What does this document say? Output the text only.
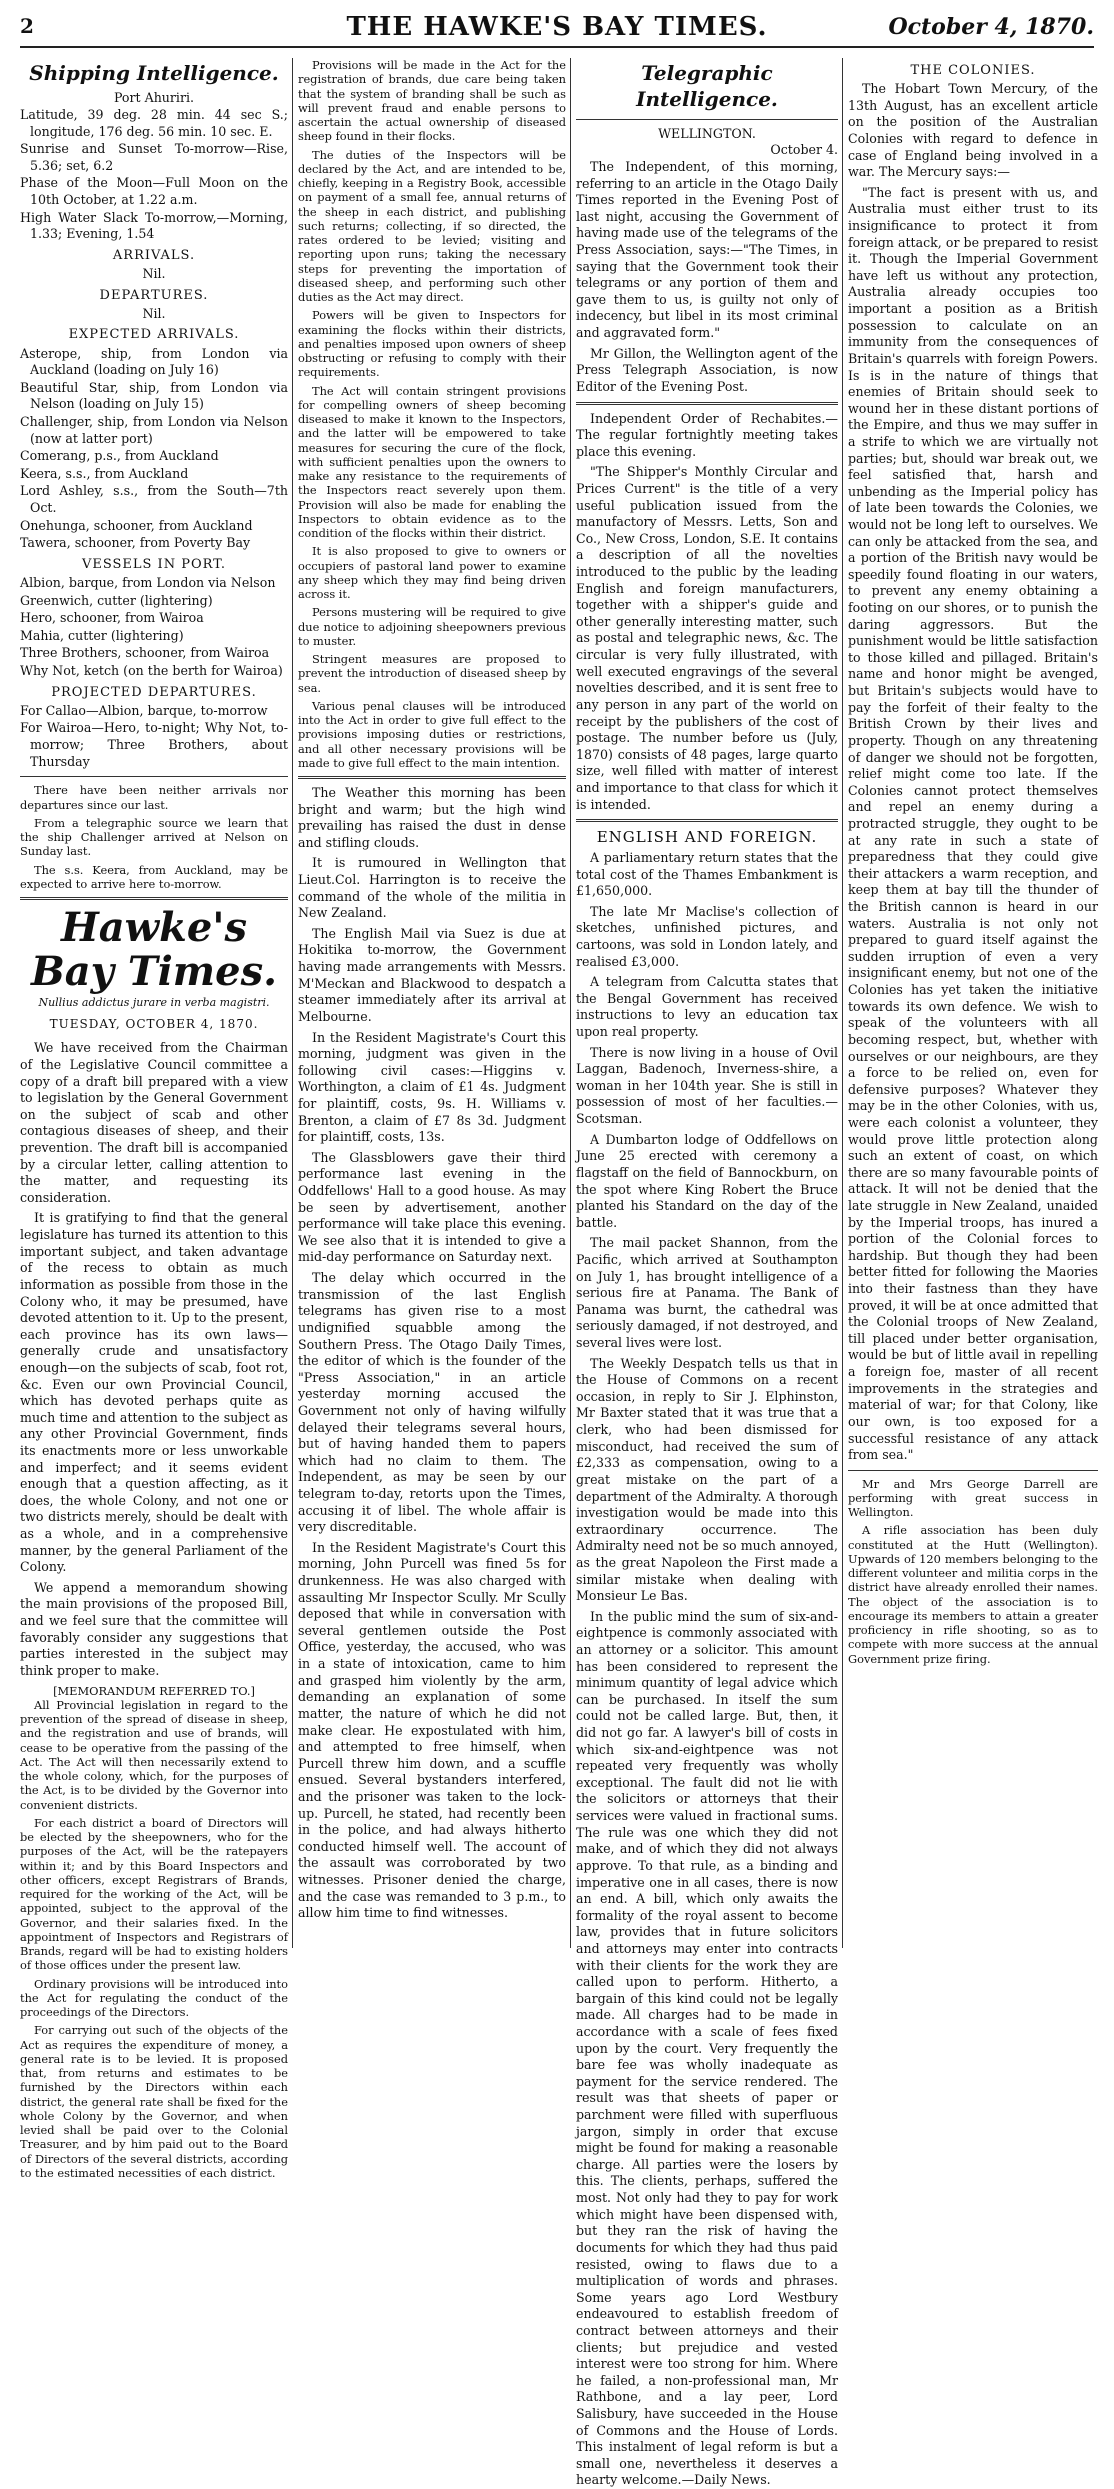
2	THE HAWKE'S BAY TIMES.	October 4, 1870.
Shipping Intelligence.
Port Ahuriri.
Latitude, 39 deg. 28 min. 44 sec S.; longitude, 176 deg. 56 min. 10 sec. E.
Sunrise and Sunset To-morrow—Rise, 5.36; set, 6.2
Phase of the Moon—Full Moon on the 10th October, at 1.22 a.m.
High Water Slack To-morrow,—Morning, 1.33; Evening, 1.54
ARRIVALS.
Nil.
DEPARTURES.
Nil.
EXPECTED ARRIVALS.
Asterope, ship, from London via Auckland (loading on July 16)
Beautiful Star, ship, from London via Nelson (loading on July 15)
Challenger, ship, from London via Nelson (now at latter port)
Comerang, p.s., from Auckland
Keera, s.s., from Auckland
Lord Ashley, s.s., from the South—7th Oct.
Onehunga, schooner, from Auckland
Tawera, schooner, from Poverty Bay
VESSELS IN PORT.
Albion, barque, from London via Nelson
Greenwich, cutter (lightering)
Hero, schooner, from Wairoa
Mahia, cutter (lightering)
Three Brothers, schooner, from Wairoa
Why Not, ketch (on the berth for Wairoa)
PROJECTED DEPARTURES.
For Callao—Albion, barque, to-morrow
For Wairoa—Hero, to-night; Why Not, to-morrow; Three Brothers, about Thursday

There have been neither arrivals nor departures since our last.

From a telegraphic source we learn that the ship Challenger arrived at Nelson on Sunday last.

The s.s. Keera, from Auckland, may be expected to arrive here to-morrow.

Hawke's Bay Times.
Nullius addictus jurare in verba magistri.
TUESDAY, OCTOBER 4, 1870.

We have received from the Chairman of the Legislative Council committee a copy of a draft bill prepared with a view to legislation by the General Government on the subject of scab and other contagious diseases of sheep, and their prevention. The draft bill is accompanied by a circular letter, calling attention to the matter, and requesting its consideration.

It is gratifying to find that the general legislature has turned its attention to this important subject, and taken advantage of the recess to obtain as much information as possible from those in the Colony who, it may be presumed, have devoted attention to it. Up to the present, each province has its own laws—generally crude and unsatisfactory enough—on the subjects of scab, foot rot, &c. Even our own Provincial Council, which has devoted perhaps quite as much time and attention to the subject as any other Provincial Government, finds its enactments more or less unworkable and imperfect; and it seems evident enough that a question affecting, as it does, the whole Colony, and not one or two districts merely, should be dealt with as a whole, and in a comprehensive manner, by the general Parliament of the Colony.

We append a memorandum showing the main provisions of the proposed Bill, and we feel sure that the committee will favorably consider any suggestions that parties interested in the subject may think proper to make.

[MEMORANDUM REFERRED TO.]

All Provincial legislation in regard to the prevention of the spread of disease in sheep, and the registration and use of brands, will cease to be operative from the passing of the Act. The Act will then necessarily extend to the whole colony, which, for the purposes of the Act, is to be divided by the Governor into convenient districts.

For each district a board of Directors will be elected by the sheepowners, who for the purposes of the Act, will be the ratepayers within it; and by this Board Inspectors and other officers, except Registrars of Brands, required for the working of the Act, will be appointed, subject to the approval of the Governor, and their salaries fixed. In the appointment of Inspectors and Registrars of Brands, regard will be had to existing holders of those offices under the present law.

Ordinary provisions will be introduced into the Act for regulating the conduct of the proceedings of the Directors.

For carrying out such of the objects of the Act as requires the expenditure of money, a general rate is to be levied. It is proposed that, from returns and estimates to be furnished by the Directors within each district, the general rate shall be fixed for the whole Colony by the Governor, and when levied shall be paid over to the Colonial Treasurer, and by him paid out to the Board of Directors of the several districts, according to the estimated necessities of each district.

Provisions will be made in the Act for the registration of brands, due care being taken that the system of branding shall be such as will prevent fraud and enable persons to ascertain the actual ownership of diseased sheep found in their flocks.

The duties of the Inspectors will be declared by the Act, and are intended to be, chiefly, keeping in a Registry Book, accessible on payment of a small fee, annual returns of the sheep in each district, and publishing such returns; collecting, if so directed, the rates ordered to be levied; visiting and reporting upon runs; taking the necessary steps for preventing the importation of diseased sheep, and performing such other duties as the Act may direct.

Powers will be given to Inspectors for examining the flocks within their districts, and penalties imposed upon owners of sheep obstructing or refusing to comply with their requirements.

The Act will contain stringent provisions for compelling owners of sheep becoming diseased to make it known to the Inspectors, and the latter will be empowered to take measures for securing the cure of the flock, with sufficient penalties upon the owners to make any resistance to the requirements of the Inspectors react severely upon them. Provision will also be made for enabling the Inspectors to obtain evidence as to the condition of the flocks within their district.

It is also proposed to give to owners or occupiers of pastoral land power to examine any sheep which they may find being driven across it.

Persons mustering will be required to give due notice to adjoining sheepowners previous to muster.

Stringent measures are proposed to prevent the introduction of diseased sheep by sea.

Various penal clauses will be introduced into the Act in order to give full effect to the provisions imposing duties or restrictions, and all other necessary provisions will be made to give full effect to the main intention.

The Weather this morning has been bright and warm; but the high wind prevailing has raised the dust in dense and stifling clouds.

It is rumoured in Wellington that Lieut.Col. Harrington is to receive the command of the whole of the militia in New Zealand.

The English Mail via Suez is due at Hokitika to-morrow, the Government having made arrangements with Messrs. M'Meckan and Blackwood to despatch a steamer immediately after its arrival at Melbourne.

In the Resident Magistrate's Court this morning, judgment was given in the following civil cases:—Higgins v. Worthington, a claim of £1 4s. Judgment for plaintiff, costs, 9s. H. Williams v. Brenton, a claim of £7 8s 3d. Judgment for plaintiff, costs, 13s.

The Glassblowers gave their third performance last evening in the Oddfellows' Hall to a good house. As may be seen by advertisement, another performance will take place this evening. We see also that it is intended to give a mid-day performance on Saturday next.

The delay which occurred in the transmission of the last English telegrams has given rise to a most undignified squabble among the Southern Press. The Otago Daily Times, the editor of which is the founder of the "Press Association," in an article yesterday morning accused the Government not only of having wilfully delayed their telegrams several hours, but of having handed them to papers which had no claim to them. The Independent, as may be seen by our telegram to-day, retorts upon the Times, accusing it of libel. The whole affair is very discreditable.

In the Resident Magistrate's Court this morning, John Purcell was fined 5s for drunkenness. He was also charged with assaulting Mr Inspector Scully. Mr Scully deposed that while in conversation with several gentlemen outside the Post Office, yesterday, the accused, who was in a state of intoxication, came to him and grasped him violently by the arm, demanding an explanation of some matter, the nature of which he did not make clear. He expostulated with him, and attempted to free himself, when Purcell threw him down, and a scuffle ensued. Several bystanders interfered, and the prisoner was taken to the lock-up. Purcell, he stated, had recently been in the police, and had always hitherto conducted himself well. The account of the assault was corroborated by two witnesses. Prisoner denied the charge, and the case was remanded to 3 p.m., to allow him time to find witnesses.

Telegraphic Intelligence.
WELLINGTON.
October 4.

The Independent, of this morning, referring to an article in the Otago Daily Times reported in the Evening Post of last night, accusing the Government of having made use of the telegrams of the Press Association, says:—"The Times, in saying that the Government took their telegrams or any portion of them and gave them to us, is guilty not only of indecency, but libel in its most criminal and aggravated form."

Mr Gillon, the Wellington agent of the Press Telegraph Association, is now Editor of the Evening Post.

Independent Order of Rechabites.—The regular fortnightly meeting takes place this evening.

"The Shipper's Monthly Circular and Prices Current" is the title of a very useful publication issued from the manufactory of Messrs. Letts, Son and Co., New Cross, London, S.E. It contains a description of all the novelties introduced to the public by the leading English and foreign manufacturers, together with a shipper's guide and other generally interesting matter, such as postal and telegraphic news, &c. The circular is very fully illustrated, with well executed engravings of the several novelties described, and it is sent free to any person in any part of the world on receipt by the publishers of the cost of postage. The number before us (July, 1870) consists of 48 pages, large quarto size, well filled with matter of interest and importance to that class for which it is intended.

ENGLISH AND FOREIGN.

A parliamentary return states that the total cost of the Thames Embankment is £1,650,000.

The late Mr Maclise's collection of sketches, unfinished pictures, and cartoons, was sold in London lately, and realised £3,000.

A telegram from Calcutta states that the Bengal Government has received instructions to levy an education tax upon real property.

There is now living in a house of Ovil Laggan, Badenoch, Inverness-shire, a woman in her 104th year. She is still in possession of most of her faculties.—Scotsman.

A Dumbarton lodge of Oddfellows on June 25 erected with ceremony a flagstaff on the field of Bannockburn, on the spot where King Robert the Bruce planted his Standard on the day of the battle.

The mail packet Shannon, from the Pacific, which arrived at Southampton on July 1, has brought intelligence of a serious fire at Panama. The Bank of Panama was burnt, the cathedral was seriously damaged, if not destroyed, and several lives were lost.

The Weekly Despatch tells us that in the House of Commons on a recent occasion, in reply to Sir J. Elphinston, Mr Baxter stated that it was true that a clerk, who had been dismissed for misconduct, had received the sum of £2,333 as compensation, owing to a great mistake on the part of a department of the Admiralty. A thorough investigation would be made into this extraordinary occurrence. The Admiralty need not be so much annoyed, as the great Napoleon the First made a similar mistake when dealing with Monsieur Le Bas.

In the public mind the sum of six-and-eightpence is commonly associated with an attorney or a solicitor. This amount has been considered to represent the minimum quantity of legal advice which can be purchased. In itself the sum could not be called large. But, then, it did not go far. A lawyer's bill of costs in which six-and-eightpence was not repeated very frequently was wholly exceptional. The fault did not lie with the solicitors or attorneys that their services were valued in fractional sums. The rule was one which they did not make, and of which they did not always approve. To that rule, as a binding and imperative one in all cases, there is now an end. A bill, which only awaits the formality of the royal assent to become law, provides that in future solicitors and attorneys may enter into contracts with their clients for the work they are called upon to perform. Hitherto, a bargain of this kind could not be legally made. All charges had to be made in accordance with a scale of fees fixed upon by the court. Very frequently the bare fee was wholly inadequate as payment for the service rendered. The result was that sheets of paper or parchment were filled with superfluous jargon, simply in order that excuse might be found for making a reasonable charge. All parties were the losers by this. The clients, perhaps, suffered the most. Not only had they to pay for work which might have been dispensed with, but they ran the risk of having the documents for which they had thus paid resisted, owing to flaws due to a multiplication of words and phrases. Some years ago Lord Westbury endeavoured to establish freedom of contract between attorneys and their clients; but prejudice and vested interest were too strong for him. Where he failed, a non-professional man, Mr Rathbone, and a lay peer, Lord Salisbury, have succeeded in the House of Commons and the House of Lords. This instalment of legal reform is but a small one, nevertheless it deserves a hearty welcome.—Daily News.

THE COLONIES.

The Hobart Town Mercury, of the 13th August, has an excellent article on the position of the Australian Colonies with regard to defence in case of England being involved in a war. The Mercury says:—

"The fact is present with us, and Australia must either trust to its insignificance to protect it from foreign attack, or be prepared to resist it. Though the Imperial Government have left us without any protection, Australia already occupies too important a position as a British possession to calculate on an immunity from the consequences of Britain's quarrels with foreign Powers. Is is in the nature of things that enemies of Britain should seek to wound her in these distant portions of the Empire, and thus we may suffer in a strife to which we are virtually not parties; but, should war break out, we feel satisfied that, harsh and unbending as the Imperial policy has of late been towards the Colonies, we would not be long left to ourselves. We can only be attacked from the sea, and a portion of the British navy would be speedily found floating in our waters, to prevent any enemy obtaining a footing on our shores, or to punish the daring aggressors. But the punishment would be little satisfaction to those killed and pillaged. Britain's name and honor might be avenged, but Britain's subjects would have to pay the forfeit of their fealty to the British Crown by their lives and property. Though on any threatening of danger we should not be forgotten, relief might come too late. If the Colonies cannot protect themselves and repel an enemy during a protracted struggle, they ought to be at any rate in such a state of preparedness that they could give their attackers a warm reception, and keep them at bay till the thunder of the British cannon is heard in our waters. Australia is not only not prepared to guard itself against the sudden irruption of even a very insignificant enemy, but not one of the Colonies has yet taken the initiative towards its own defence. We wish to speak of the volunteers with all becoming respect, but, whether with ourselves or our neighbours, are they a force to be relied on, even for defensive purposes? Whatever they may be in the other Colonies, with us, were each colonist a volunteer, they would prove little protection along such an extent of coast, on which there are so many favourable points of attack. It will not be denied that the late struggle in New Zealand, unaided by the Imperial troops, has inured a portion of the Colonial forces to hardship. But though they had been better fitted for following the Maories into their fastness than they have proved, it will be at once admitted that the Colonial troops of New Zealand, till placed under better organisation, would be but of little avail in repelling a foreign foe, master of all recent improvements in the strategies and material of war; for that Colony, like our own, is too exposed for a successful resistance of any attack from sea."

Mr and Mrs George Darrell are performing with great success in Wellington.

A rifle association has been duly constituted at the Hutt (Wellington). Upwards of 120 members belonging to the different volunteer and militia corps in the district have already enrolled their names. The object of the association is to encourage its members to attain a greater proficiency in rifle shooting, so as to compete with more success at the annual Government prize firing.
